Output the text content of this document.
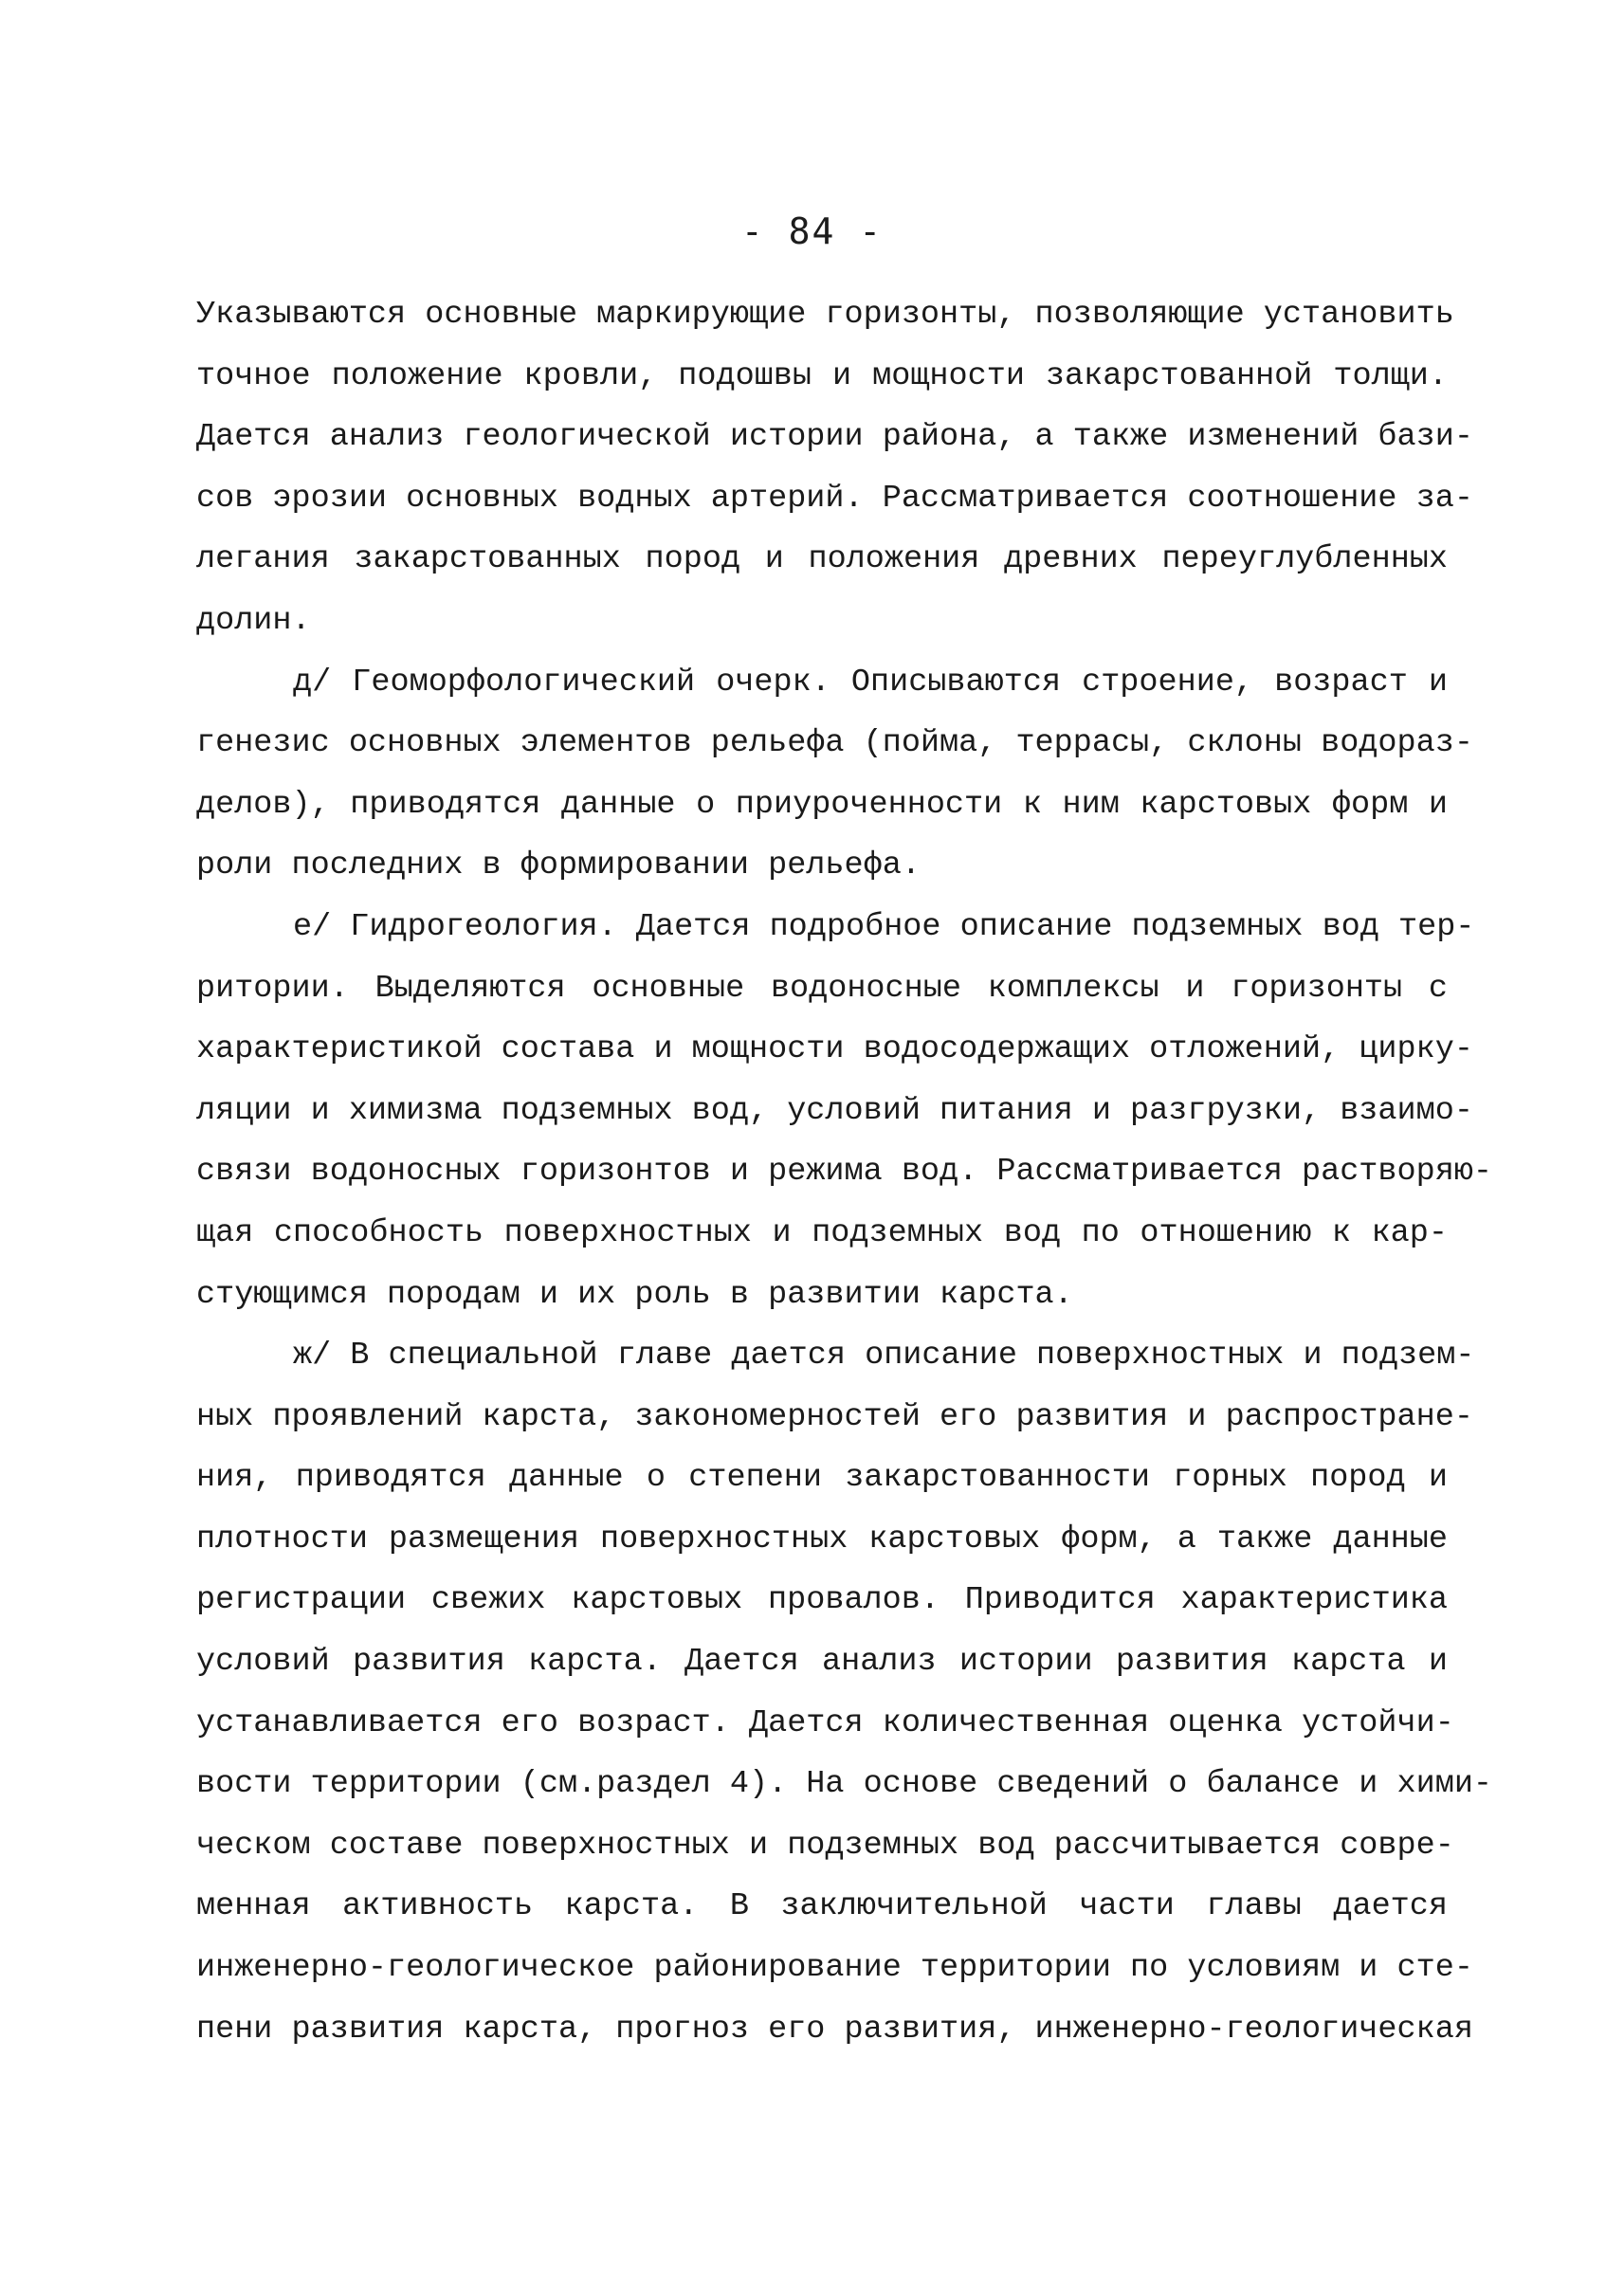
- 84 -
Указываются основные маркирующие горизонты, позволяющие установить
точное положение кровли, подошвы и мощности закарстованной толщи.
Дается анализ геологической истории района, а также изменений бази-
сов эрозии основных водных артерий. Рассматривается соотношение за-
легания закарстованных пород и положения древних переуглубленных
долин.
д/ Геоморфологический очерк. Описываются строение, возраст и
генезис основных элементов рельефа (пойма, террасы, склоны водораз-
делов), приводятся данные о приуроченности к ним карстовых форм и
роли последних в формировании рельефа.
е/ Гидрогеология. Дается подробное описание подземных вод тер-
ритории. Выделяются основные водоносные комплексы и горизонты с
характеристикой состава и мощности водосодержащих отложений, цирку-
ляции и химизма подземных вод, условий питания и разгрузки, взаимо-
связи водоносных горизонтов и режима вод. Рассматривается растворяю-
щая способность поверхностных и подземных вод по отношению к кар-
стующимся породам и их роль в развитии карста.
ж/ В специальной главе дается описание поверхностных и подзем-
ных проявлений карста, закономерностей его развития и распростране-
ния, приводятся данные о степени закарстованности горных пород и
плотности размещения поверхностных карстовых форм, а также данные
регистрации свежих карстовых провалов. Приводится характеристика
условий развития карста. Дается анализ истории развития карста и
устанавливается его возраст. Дается количественная оценка устойчи-
вости территории (см.раздел 4). На основе сведений о балансе и хими-
ческом составе поверхностных и подземных вод рассчитывается совре-
менная активность карста. В заключительной части главы дается
инженерно-геологическое районирование территории по условиям и сте-
пени развития карста, прогноз его развития, инженерно-геологическая
